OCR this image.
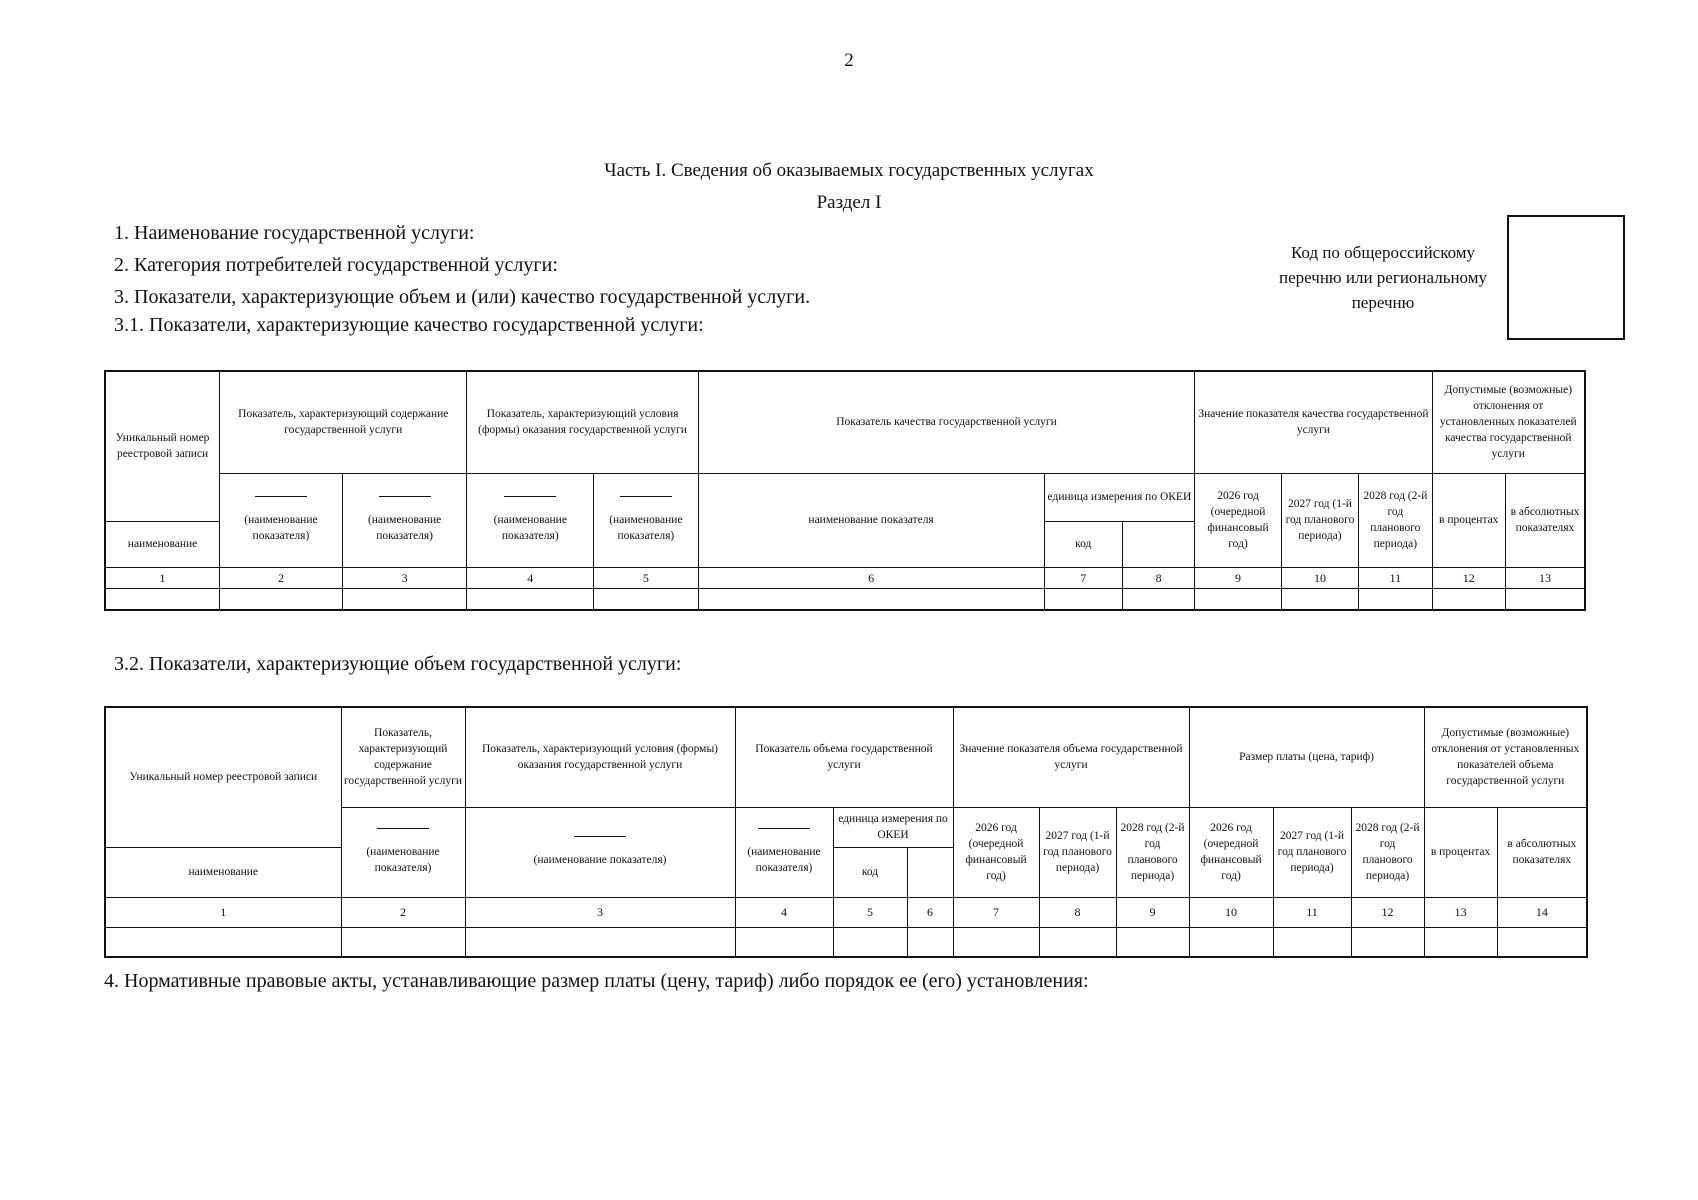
2
Часть I. Сведения об оказываемых государственных услугах
Раздел I
1. Наименование государственной услуги:
2. Категория потребителей государственной услуги:
3. Показатели, характеризующие объем и (или) качество государственной услуги.
3.1. Показатели, характеризующие качество государственной услуги:
Код по общероссийскому перечню или региональному перечню
Уникальный номер реестровой записи	Показатель, характеризующий содержание государственной услуги		Показатель, характеризующий условия (формы) оказания государственной услуги		Показатель качества государственной услуги			Значение показателя качества государственной услуги			Допустимые (возможные) отклонения от установленных показателей качества государственной услуги	

	(наименование показателя)	(наименование показателя)	(наименование показателя)	(наименование показателя)	наименование показателя	единица измерения по ОКЕИ		2026 год (очередной финансовый год)	2027 год (1-й год планового периода)	2028 год (2-й год планового периода)	в процентах	в абсолютных показателях
наименование						код						
1	2	3	4	5	6	7	8	9	10	11	12	13

3.2. Показатели, характеризующие объем государственной услуги:
Уникальный номер реестровой записи	Показатель, характеризующий содержание государственной услуги	Показатель, характеризующий условия (формы) оказания государственной услуги	Показатель объема государственной услуги			Значение показателя объема государственной услуги			Размер платы (цена, тариф)			Допустимые (возможные) отклонения от установленных показателей объема государственной услуги	

	(наименование показателя)	(наименование показателя)	(наименование показателя)	единица измерения по ОКЕИ		2026 год (очередной финансовый год)	2027 год (1-й год планового периода)	2028 год (2-й год планового периода)	2026 год (очередной финансовый год)	2027 год (1-й год планового периода)	2028 год (2-й год планового периода)	в процентах	в абсолютных показателях
наименование				код									
1	2	3	4	5	6	7	8	9	10	11	12	13	14

4. Нормативные правовые акты, устанавливающие размер платы (цену, тариф) либо порядок ее (его) установления:
